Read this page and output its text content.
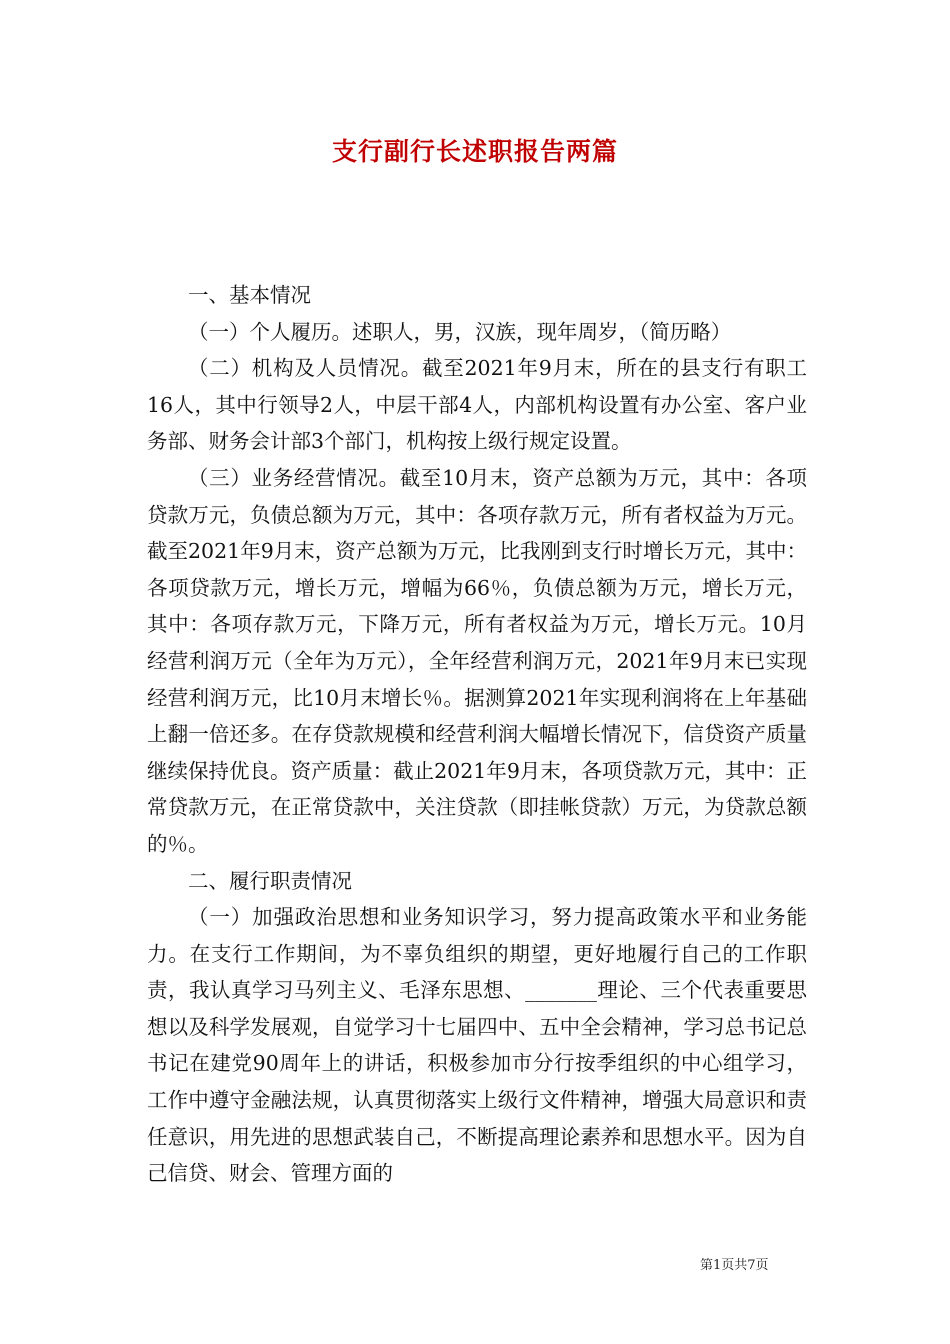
支行副行长述职报告两篇

一、基本情况

（一）个人履历。述职人，男，汉族，现年周岁，（简历略）

（二）机构及人员情况。截至2021年9月末，所在的县支行有职工16人，其中行领导2人，中层干部4人，内部机构设置有办公室、客户业务部、财务会计部3个部门，机构按上级行规定设置。

（三）业务经营情况。截至10月末，资产总额为万元，其中：各项贷款万元，负债总额为万元，其中：各项存款万元，所有者权益为万元。截至2021年9月末，资产总额为万元，比我刚到支行时增长万元，其中：各项贷款万元，增长万元，增幅为66％，负债总额为万元，增长万元，其中：各项存款万元，下降万元，所有者权益为万元，增长万元。10月经营利润万元（全年为万元），全年经营利润万元，2021年9月末已实现经营利润万元，比10月末增长％。据测算2021年实现利润将在上年基础上翻一倍还多。在存贷款规模和经营利润大幅增长情况下，信贷资产质量继续保持优良。资产质量：截止2021年9月末，各项贷款万元，其中：正常贷款万元，在正常贷款中，关注贷款（即挂帐贷款）万元，为贷款总额的％。

二、履行职责情况

（一）加强政治思想和业务知识学习，努力提高政策水平和业务能力。在支行工作期间，为不辜负组织的期望，更好地履行自己的工作职责，我认真学习马列主义、毛泽东思想、_______理论、三个代表重要思想以及科学发展观，自觉学习十七届四中、五中全会精神，学习总书记总书记在建党90周年上的讲话，积极参加市分行按季组织的中心组学习，工作中遵守金融法规，认真贯彻落实上级行文件精神，增强大局意识和责任意识，用先进的思想武装自己，不断提高理论素养和思想水平。因为自己信贷、财会、管理方面的

第1页共7页
